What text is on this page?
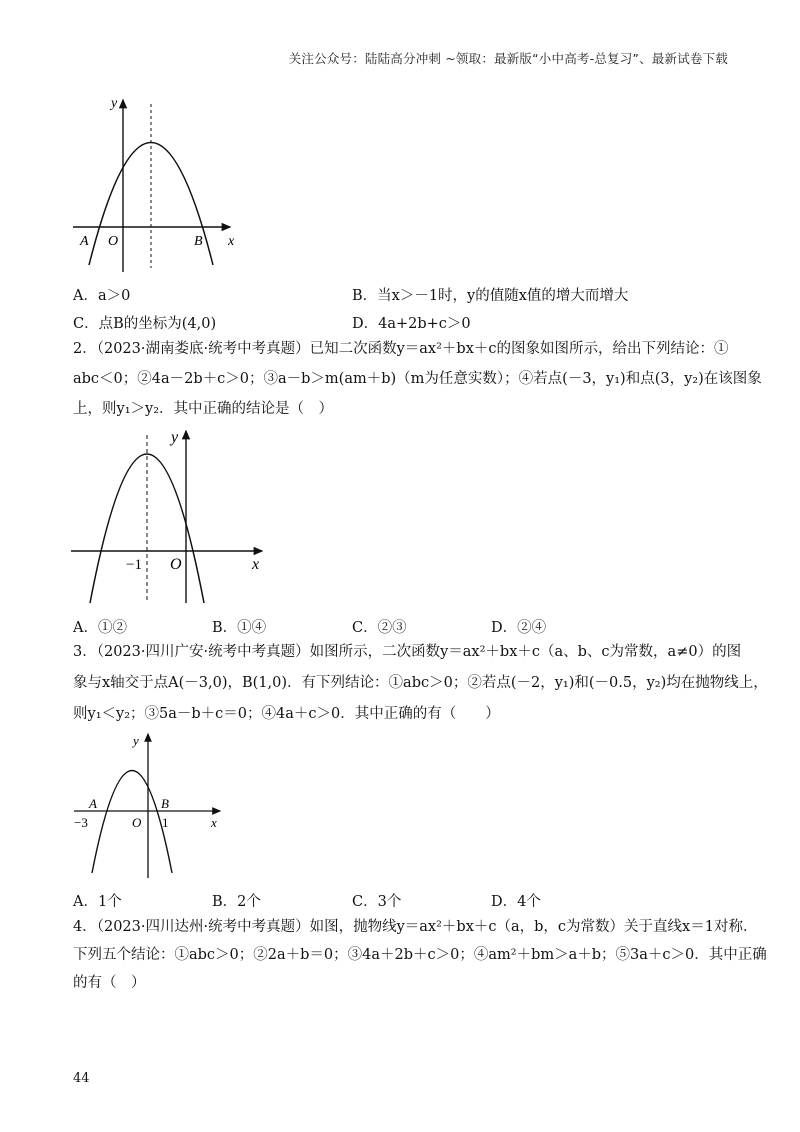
关注公众号：陆陆高分冲刺 ~领取：最新版“小中高考-总复习”、最新试卷下载
y
x
A O	B
A．a＞0	B．当x＞－1时，y的值随x值的增大而增大
C．点B的坐标为(4,0)	D．4a+2b+c＞0
2．（2023·湖南娄底·统考中考真题）已知二次函数y＝ax²＋bx＋c的图象如图所示，给出下列结论：①
abc＜0；②4a－2b＋c＞0；③a－b＞m(am＋b)（m为任意实数）；④若点(－3，y₁)和点(3，y₂)在该图象
上，则y₁＞y₂．其中正确的结论是（　）
y
x
−1 O
A．①②	B．①④	C．②③	D．②④
3．（2023·四川广安·统考中考真题）如图所示，二次函数y＝ax²＋bx＋c（a、b、c为常数，a≠0）的图
象与x轴交于点A(－3,0)，B(1,0)．有下列结论：①abc＞0；②若点(－2，y₁)和(－0.5，y₂)均在抛物线上，
则y₁＜y₂；③5a－b＋c＝0；④4a＋c＞0．其中正确的有（　　）
y
x
A	B
−3	O 1
A．1个	B．2个	C．3个	D．4个
4．（2023·四川达州·统考中考真题）如图，抛物线y＝ax²＋bx＋c（a，b，c为常数）关于直线x＝1对称．
下列五个结论：①abc＞0；②2a＋b＝0；③4a＋2b＋c＞0；④am²＋bm＞a＋b；⑤3a＋c＞0．其中正确
的有（　）
44
